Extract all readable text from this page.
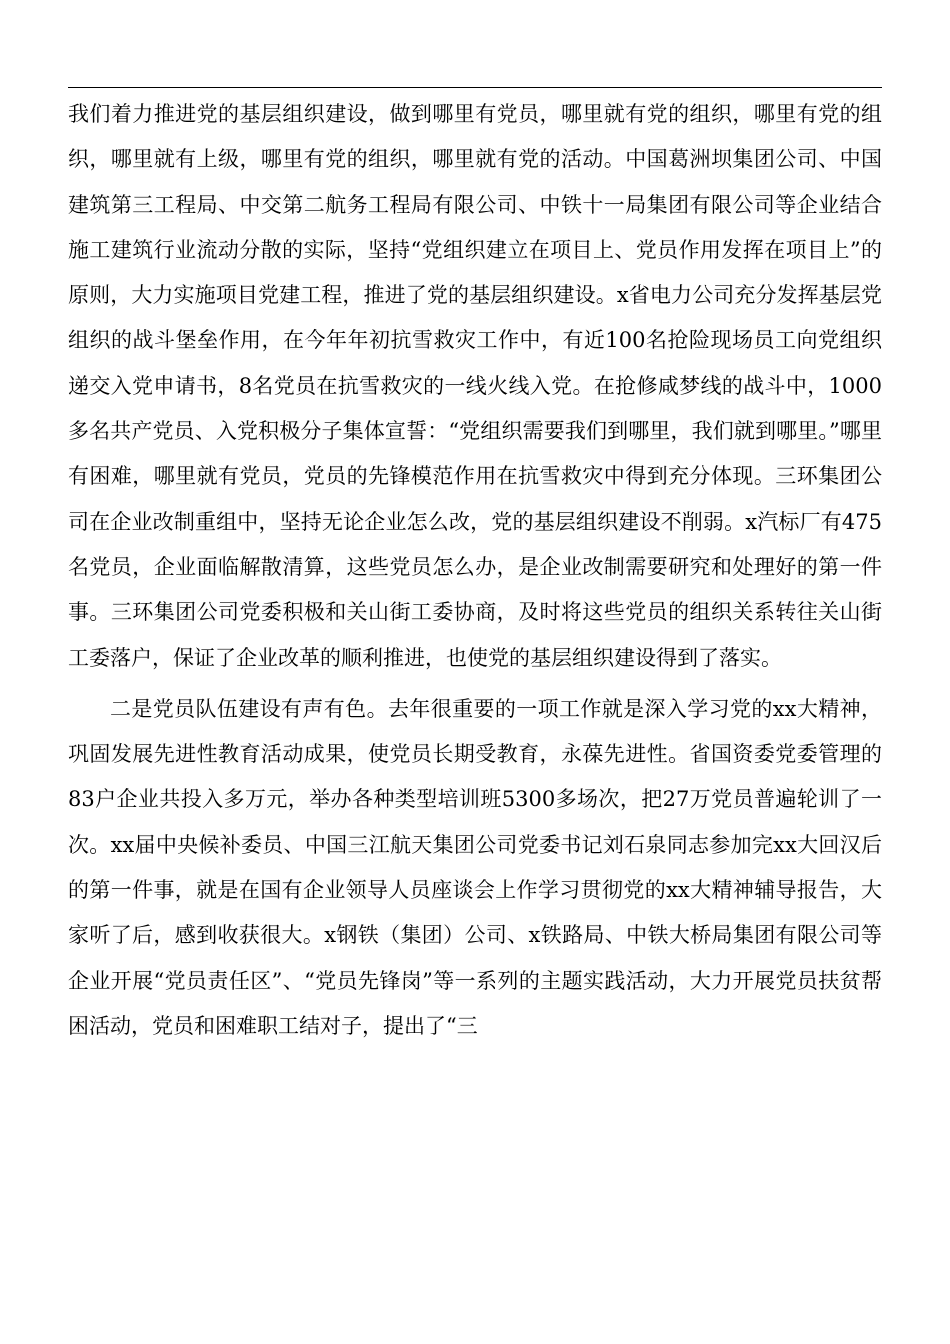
我们着力推进党的基层组织建设，做到哪里有党员，哪里就有党的组织，哪里有党的组织，哪里就有上级，哪里有党的组织，哪里就有党的活动。中国葛洲坝集团公司、中国建筑第三工程局、中交第二航务工程局有限公司、中铁十一局集团有限公司等企业结合施工建筑行业流动分散的实际，坚持“党组织建立在项目上、党员作用发挥在项目上”的原则，大力实施项目党建工程，推进了党的基层组织建设。x省电力公司充分发挥基层党组织的战斗堡垒作用，在今年年初抗雪救灾工作中，有近100名抢险现场员工向党组织递交入党申请书，8名党员在抗雪救灾的一线火线入党。在抢修咸梦线的战斗中，1000多名共产党员、入党积极分子集体宣誓：“党组织需要我们到哪里，我们就到哪里。”哪里有困难，哪里就有党员，党员的先锋模范作用在抗雪救灾中得到充分体现。三环集团公司在企业改制重组中，坚持无论企业怎么改，党的基层组织建设不削弱。x汽标厂有475名党员，企业面临解散清算，这些党员怎么办，是企业改制需要研究和处理好的第一件事。三环集团公司党委积极和关山街工委协商，及时将这些党员的组织关系转往关山街工委落户，保证了企业改革的顺利推进，也使党的基层组织建设得到了落实。

二是党员队伍建设有声有色。去年很重要的一项工作就是深入学习党的xx大精神，巩固发展先进性教育活动成果，使党员长期受教育，永葆先进性。省国资委党委管理的83户企业共投入多万元，举办各种类型培训班5300多场次，把27万党员普遍轮训了一次。xx届中央候补委员、中国三江航天集团公司党委书记刘石泉同志参加完xx大回汉后的第一件事，就是在国有企业领导人员座谈会上作学习贯彻党的xx大精神辅导报告，大家听了后，感到收获很大。x钢铁（集团）公司、x铁路局、中铁大桥局集团有限公司等企业开展“党员责任区”、“党员先锋岗”等一系列的主题实践活动，大力开展党员扶贫帮困活动，党员和困难职工结对子，提出了“三
